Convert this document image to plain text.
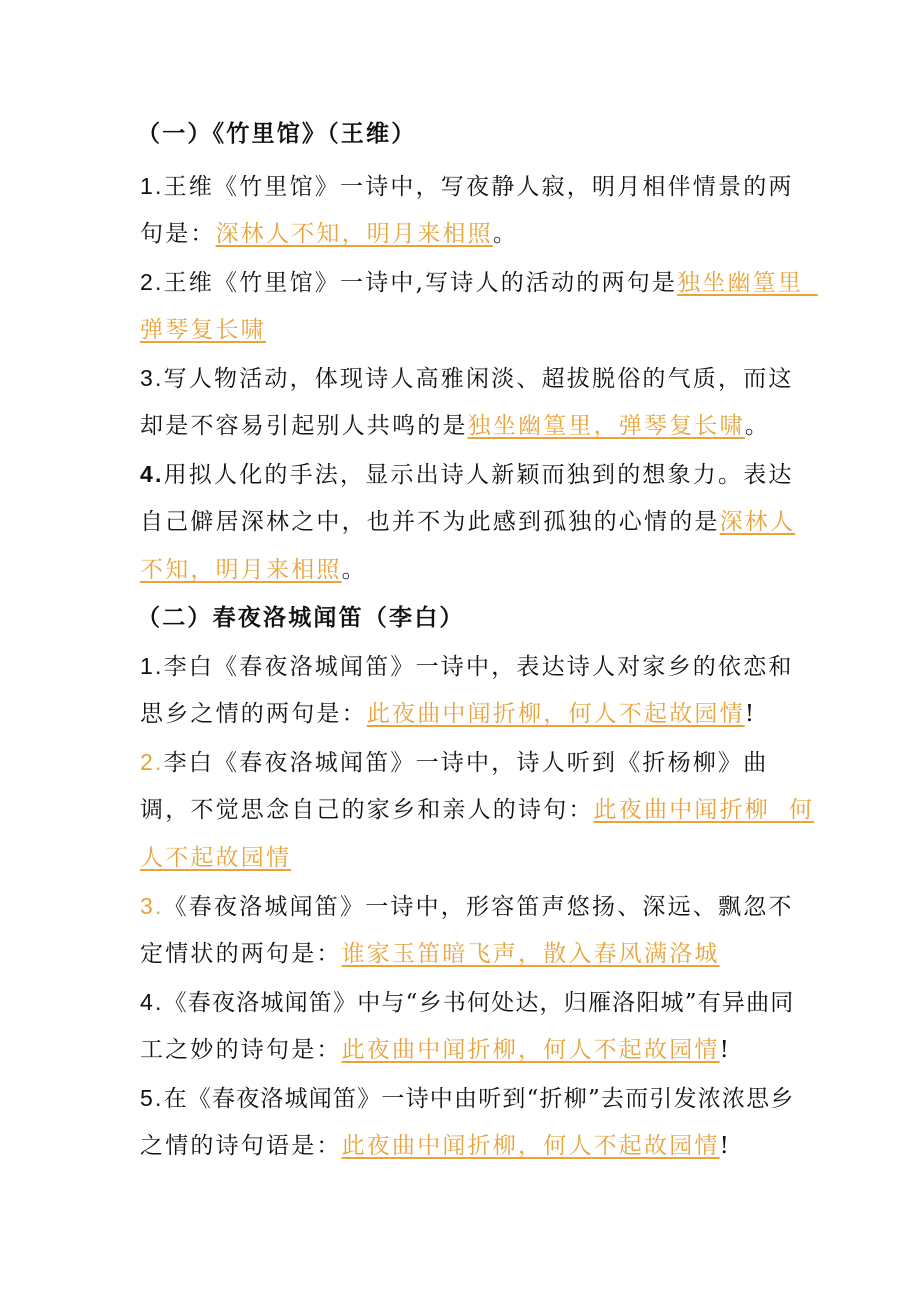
（一）《竹里馆》（王维）
1.王维《竹里馆》一诗中，写夜静人寂，明月相伴情景的两
句是：深林人不知，明月来相照。
2.王维《竹里馆》一诗中,写诗人的活动的两句是独坐幽篁里
弹琴复长啸
3.写人物活动，体现诗人高雅闲淡、超拔脱俗的气质，而这
却是不容易引起别人共鸣的是独坐幽篁里，弹琴复长啸。
4.用拟人化的手法，显示出诗人新颖而独到的想象力。表达
自己僻居深林之中，也并不为此感到孤独的心情的是深林人
不知，明月来相照。
（二）春夜洛城闻笛（李白）
1.李白《春夜洛城闻笛》一诗中，表达诗人对家乡的依恋和
思乡之情的两句是：此夜曲中闻折柳，何人不起故园情!
2.李白《春夜洛城闻笛》一诗中，诗人听到《折杨柳》曲
调，不觉思念自己的家乡和亲人的诗句：此夜曲中闻折柳  何
人不起故园情
3.《春夜洛城闻笛》一诗中，形容笛声悠扬、深远、飘忽不
定情状的两句是：谁家玉笛暗飞声，散入春风满洛城
4.《春夜洛城闻笛》中与“乡书何处达，归雁洛阳城”有异曲同
工之妙的诗句是：此夜曲中闻折柳，何人不起故园情!
5.在《春夜洛城闻笛》一诗中由听到“折柳”去而引发浓浓思乡
之情的诗句语是：此夜曲中闻折柳，何人不起故园情!
